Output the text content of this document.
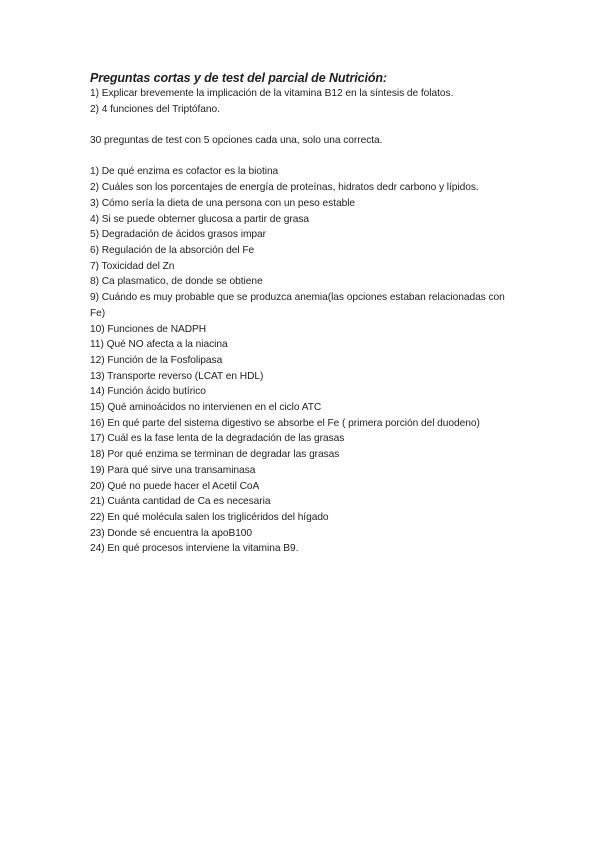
Preguntas cortas y de test del parcial de Nutrición:

1) Explicar brevemente la implicación de la vitamina B12 en la síntesis de folatos.

2) 4 funciones del Triptófano.

30 preguntas de test con 5 opciones cada una, solo una correcta.

1) De qué enzima es cofactor es la biotina
2) Cuáles son los porcentajes de energía de proteínas, hidratos dedr carbono y lípidos.
3) Cómo sería la dieta de una persona con un peso estable
4) Si se puede obterner glucosa a partir de grasa
5) Degradación de ácidos grasos impar
6) Regulación de la absorción del Fe
7) Toxicidad del Zn
8) Ca plasmatico, de donde se obtiene
9) Cuándo es muy probable que se produzca anemia(las opciones estaban relacionadas con Fe)
10) Funciones de NADPH
11) Qué NO afecta a la niacina
12) Función de la Fosfolipasa
13) Transporte reverso (LCAT en HDL)
14) Función ácido butírico
15) Qué aminoácidos no intervienen en el ciclo ATC
16) En qué parte del sistema digestivo se absorbe el Fe ( primera porción del duodeno)
17) Cuál es la fase lenta de la degradación de las grasas
18) Por qué enzima se terminan de degradar las grasas
19) Para qué sirve una transaminasa
20) Qué no puede hacer el Acetil CoA
21) Cuánta cantidad de Ca es necesaria
22) En qué molécula salen los triglicéridos del hígado
23) Donde sé encuentra la apoB100
24) En qué procesos interviene la vitamina B9.
